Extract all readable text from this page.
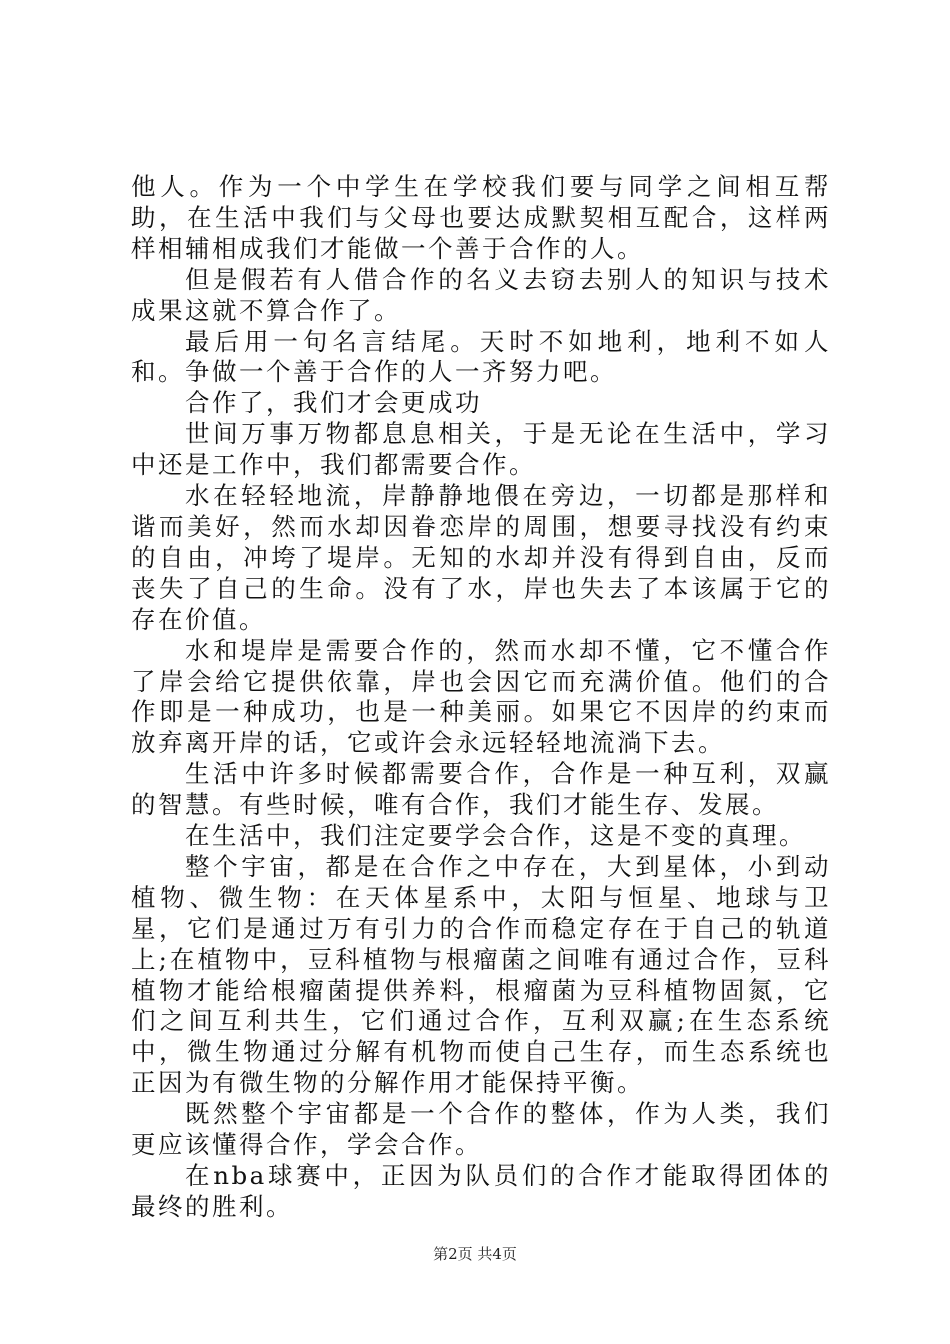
他人。作为一个中学生在学校我们要与同学之间相互帮助，在生活中我们与父母也要达成默契相互配合，这样两样相辅相成我们才能做一个善于合作的人。

但是假若有人借合作的名义去窃去别人的知识与技术成果这就不算合作了。

最后用一句名言结尾。天时不如地利，地利不如人和。争做一个善于合作的人一齐努力吧。

合作了，我们才会更成功

世间万事万物都息息相关，于是无论在生活中，学习中还是工作中，我们都需要合作。

水在轻轻地流，岸静静地偎在旁边，一切都是那样和谐而美好，然而水却因眷恋岸的周围，想要寻找没有约束的自由，冲垮了堤岸。无知的水却并没有得到自由，反而丧失了自己的生命。没有了水，岸也失去了本该属于它的存在价值。

水和堤岸是需要合作的，然而水却不懂，它不懂合作了岸会给它提供依靠，岸也会因它而充满价值。他们的合作即是一种成功，也是一种美丽。如果它不因岸的约束而放弃离开岸的话，它或许会永远轻轻地流淌下去。

生活中许多时候都需要合作，合作是一种互利，双赢的智慧。有些时候，唯有合作，我们才能生存、发展。

在生活中，我们注定要学会合作，这是不变的真理。

整个宇宙，都是在合作之中存在，大到星体，小到动植物、微生物：在天体星系中，太阳与恒星、地球与卫星，它们是通过万有引力的合作而稳定存在于自己的轨道上;在植物中，豆科植物与根瘤菌之间唯有通过合作，豆科植物才能给根瘤菌提供养料，根瘤菌为豆科植物固氮，它们之间互利共生，它们通过合作，互利双赢;在生态系统中，微生物通过分解有机物而使自己生存，而生态系统也正因为有微生物的分解作用才能保持平衡。

既然整个宇宙都是一个合作的整体，作为人类，我们更应该懂得合作，学会合作。

在nba球赛中，正因为队员们的合作才能取得团体的最终的胜利。

第2页 共4页
